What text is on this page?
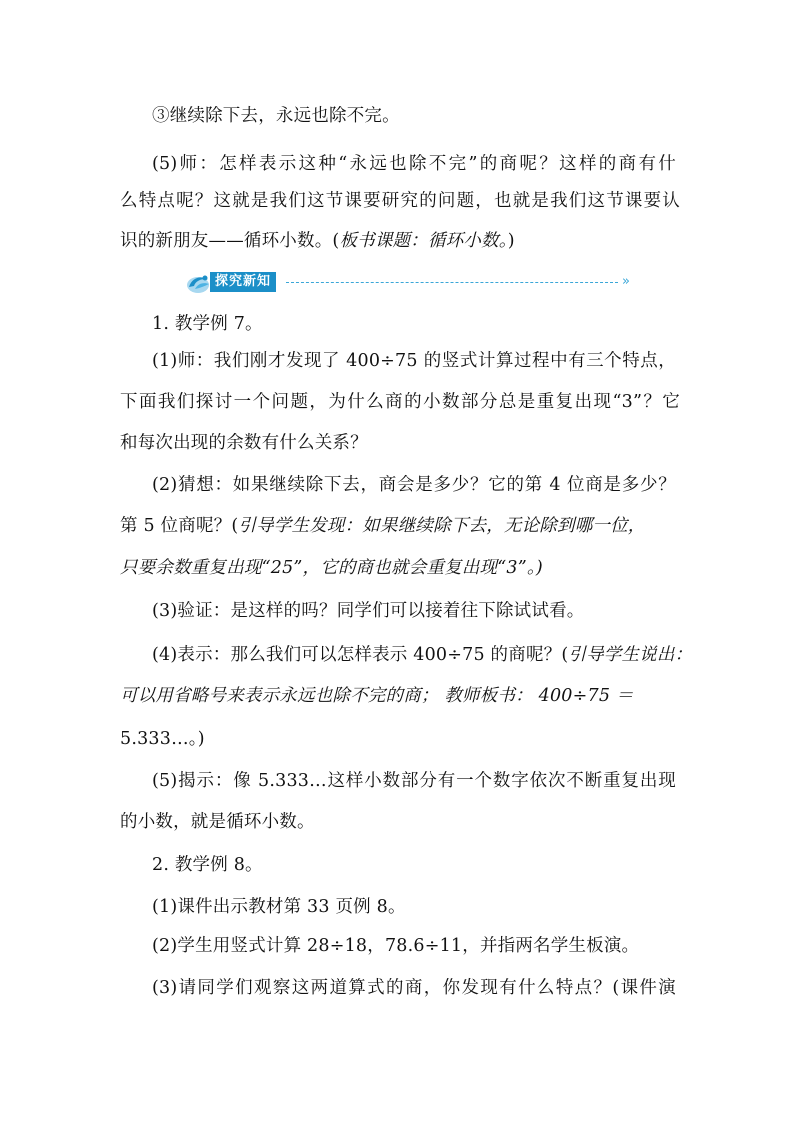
③继续除下去，永远也除不完。
(5)师：怎样表示这种“永远也除不完”的商呢？这样的商有什
么特点呢？这就是我们这节课要研究的问题，也就是我们这节课要认
识的新朋友——循环小数。(板书课题：循环小数。)
探究新知	»
1. 教学例 7。
(1)师：我们刚才发现了 400÷75 的竖式计算过程中有三个特点，
下面我们探讨一个问题，为什么商的小数部分总是重复出现“3”？它
和每次出现的余数有什么关系？
(2)猜想：如果继续除下去，商会是多少？它的第 4 位商是多少？
第 5 位商呢？(引导学生发现：如果继续除下去，无论除到哪一位，
只要余数重复出现“25”，它的商也就会重复出现“3”。)
(3)验证：是这样的吗？同学们可以接着往下除试试看。
(4)表示：那么我们可以怎样表示 400÷75 的商呢？(引导学生说出：
可以用省略号来表示永远也除不完的商； 教师板书： 400÷75 ＝
5.333…。)
(5)揭示：像 5.333…这样小数部分有一个数字依次不断重复出现
的小数，就是循环小数。
2. 教学例 8。
(1)课件出示教材第 33 页例 8。
(2)学生用竖式计算 28÷18，78.6÷11，并指两名学生板演。
(3)请同学们观察这两道算式的商，你发现有什么特点？(课件演
